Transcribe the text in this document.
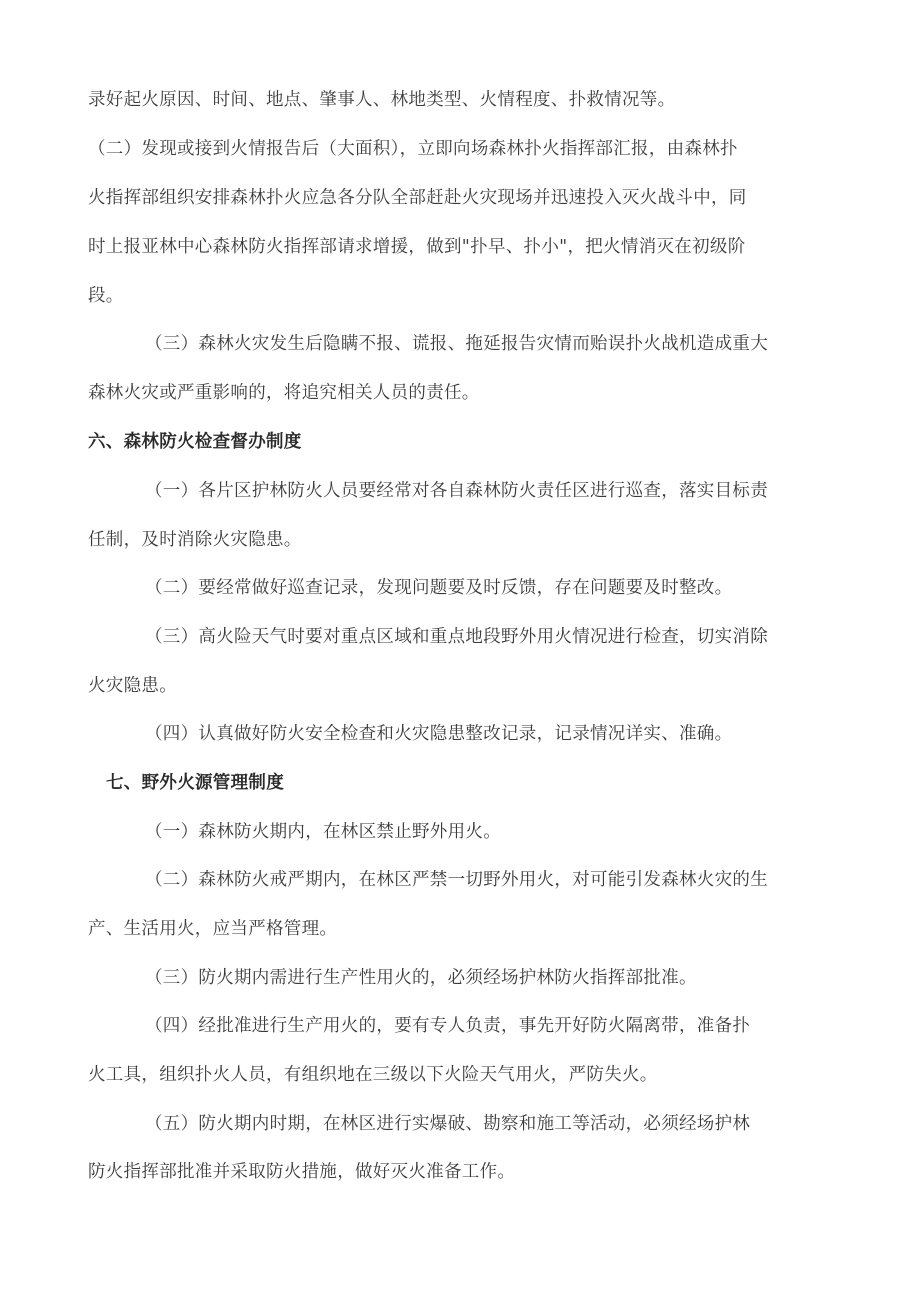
录好起火原因、时间、地点、肇事人、林地类型、火情程度、扑救情况等。
（二）发现或接到火情报告后（大面积），立即向场森林扑火指挥部汇报，由森林扑
火指挥部组织安排森林扑火应急各分队全部赶赴火灾现场并迅速投入灭火战斗中，同
时上报亚林中心森林防火指挥部请求增援，做到"扑早、扑小"，把火情消灭在初级阶
段。
（三）森林火灾发生后隐瞒不报、谎报、拖延报告灾情而贻误扑火战机造成重大
森林火灾或严重影响的，将追究相关人员的责任。
六、森林防火检查督办制度
（一）各片区护林防火人员要经常对各自森林防火责任区进行巡查，落实目标责
任制，及时消除火灾隐患。
（二）要经常做好巡查记录，发现问题要及时反馈，存在问题要及时整改。
（三）高火险天气时要对重点区域和重点地段野外用火情况进行检查，切实消除
火灾隐患。
（四）认真做好防火安全检查和火灾隐患整改记录，记录情况详实、准确。
七、野外火源管理制度
（一）森林防火期内，在林区禁止野外用火。
（二）森林防火戒严期内，在林区严禁一切野外用火，对可能引发森林火灾的生
产、生活用火，应当严格管理。
（三）防火期内需进行生产性用火的，必须经场护林防火指挥部批准。
（四）经批准进行生产用火的，要有专人负责，事先开好防火隔离带，准备扑
火工具，组织扑火人员，有组织地在三级以下火险天气用火，严防失火。
（五）防火期内时期，在林区进行实爆破、勘察和施工等活动，必须经场护林
防火指挥部批准并采取防火措施，做好灭火准备工作。
